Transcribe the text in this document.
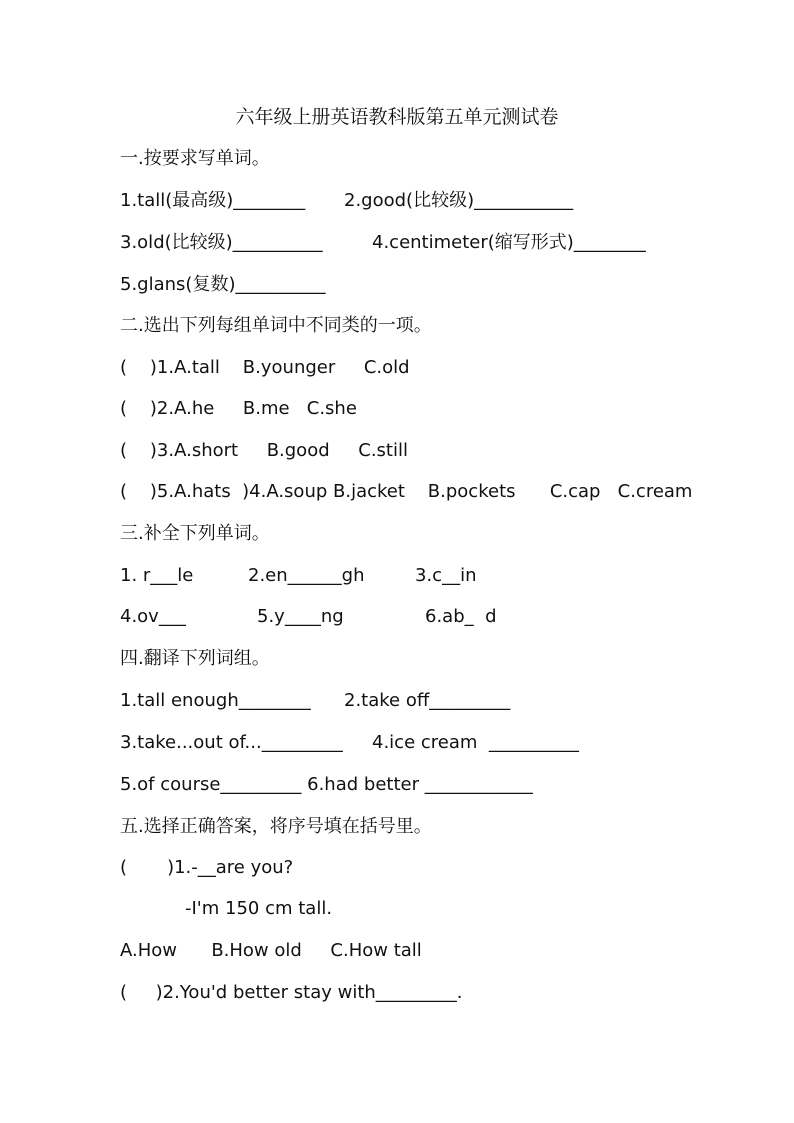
六年级上册英语教科版第五单元测试卷
一.按要求写单词。

1.tall(最高级)________

2.good(比较级)___________

3.old(比较级)__________

	4.centimeter(缩写形式)________

5.glans(复数)__________
二.选出下列每组单词中不同类的一项。
(    )1.A.tall    B.younger     C.old
(    )2.A.he     B.me   C.she
(    )3.A.short     B.good     C.still
(    )5.A.hats  )4.A.soup B.jacket    B.pockets      C.cap   C.cream
三.补全下列单词。

1. r___le

	2.en______gh

	3.c__in

4.ov___

	5.y____ng

	6.ab_  d

四.翻译下列词组。

1.tall enough________

2.take off_________

3.take...out of..._________

4.ice cream  __________

5.of course_________ 6.had better ____________
五.选择正确答案，将序号填在括号里。
(       )1.-__are you?
-I'm 150 cm tall.
A.How      B.How old     C.How tall
(     )2.You'd better stay with_________.
